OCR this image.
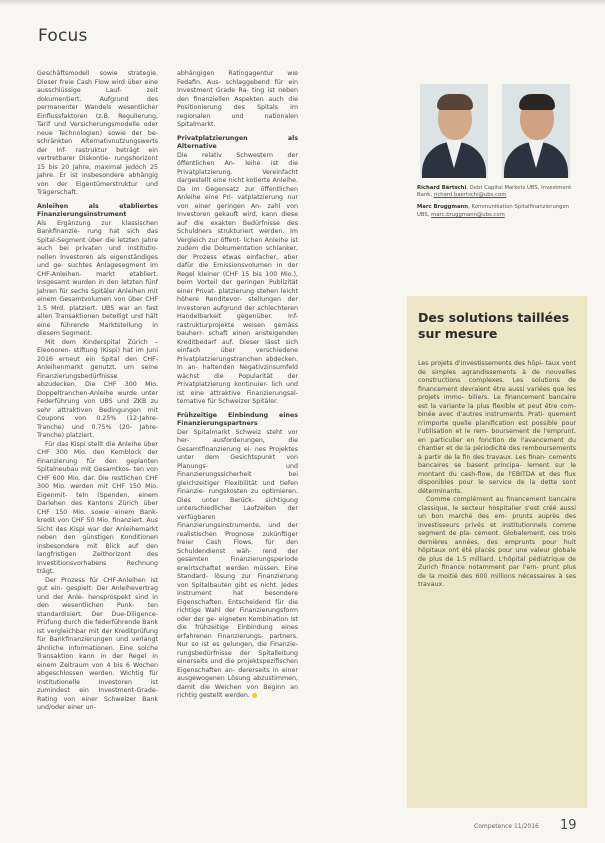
Focus

Geschäftsmodell sowie strategie. Dieser freie Cash Flow wird über eine ausschlüssige Lauf- zeit dokumentiert. Aufgrund des permanenter Wandels wesentlicher Einflussfaktoren (z.B. Regulierung, Tarif und Versicherungsmodelle oder neue Technologien) sowie der be- schränkten Alternativnutzungswerts der Inf- rastruktur beträgt ein vertretbarer Diskontie- rungshorizont 15 bis 20 Jahre, maximal jedoch 25 Jahre. Er ist insbesondere abhängig von der Eigentümerstruktur und Trägerschaft.

Anleihen als etabliertes Finanzierungsinstrument

Als Ergänzung zur klassischen Bankfinanzie- rung hat sich das Spital-Segment über die letzten Jahre auch bei privaten und institutio- nellen Investoren als eigenständiges und ge- suchtes Anlagesegment im CHF-Anleihen- markt etabliert. Insgesamt wurden in den letzten fünf Jahren für sechs Spitäler Anleihen mit einem Gesamtvolumen von über CHF 1.5 Mrd. platziert. UBS war an fast allen Transaktionen beteiligt und hält eine führende Marktstellung in diesem Segment.

Mit dem Kinderspital Zürich – Eleonoren- stiftung (Kispi) hat im Juni 2016 erneut ein Spital den CHF-Anleihenmarkt genutzt, um seine Finanzierungsbedürfnisse abzudecken. Die CHF 300 Mio. Doppeltranchen-Anleihe wurde unter Federführung von UBS und ZKB zu sehr attraktiven Bedingungen mit Coupons von 0.25% (12-Jahre-Tranche) und 0.75% (20- Jahre-Tranche) platziert.

Für das Kispi stellt die Anleihe über CHF 300 Mio. den Kernblock der Finanzierung für den geplanten Spitalneubau mit Gesamtkos- ten von CHF 600 Mio. dar. Die restlichen CHF 300 Mio. werden mit CHF 150 Mio. Eigenmit- teln (Spenden, einem Darlehen des Kantons Zürich über CHF 150 Mio. sowie einem Bank- kredit von CHF 50 Mio. finanziert. Aus Sicht des Kispi war der Anleihemarkt neben den günstigen Konditionen insbesondere mit Blick auf den langfristigen Zeithorizont des Investitionsvorhabens Rechnung trägt.

Der Prozess für CHF-Anleihen ist gut ein- gespielt: Der Anleihevertrag und der Anle- hensprospekt sind in den wesentlichen Punk- ten standardisiert. Der Due-Diligence-Prüfung durch die federführende Bank ist vergleichbar mit der Kreditprüfung für Bankfinanzierungen und verlangt ähnliche Informationen. Eine solche Transaktion kann in der Regel in einem Zeitraum von 4 bis 6 Wochen abgeschlossen werden. Wichtig für institutionelle Investoren ist zumindest ein Investment-Grade-Rating von einer Schweizer Bank und/oder einer un-

abhängigen Ratingagentur wie Fedafin. Aus- schlaggebend für ein Investment Grade Ra- ting ist neben den finanziellen Aspekten auch die Positionierung des Spitals im regionalen und nationalen Spitalmarkt.

Privatplatzierungen als Alternative

Die relativ Schwestern der öffentlichen An- leihe ist die Privatplatzierung. Vereinfacht dargestellt eine nicht kotierte Anleihe. Da im Gegensatz zur öffentlichen Anleihe eine Pri- vatplatzierung nur von einer geringen An- zahl von Investoren gekauft wird, kann diese auf die exakten Bedürfnisse des Schuldners strukturiert werden. Im Vergleich zur öffent- lichen Anleihe ist zudem die Dokumentation schlanker, der Prozess etwas einfacher, aber dafür die Emissionsvolumen in der Regel kleiner (CHF 15 bis 100 Mio.), beim Vorteil der geringen Publizität einer Privat- platzierung stehen leicht höhere Renditevor- stellungen der Investoren aufgrund der schlechteren Handelbarkeit gegenüber. Inf- rastrukturprojekte weisen gemäss bauherr- schaft einen ansteigenden Kreditbedarf auf. Dieser lässt sich einfach über verschiedene Privatplatzierungstranchen abdecken. In an- haltenden Negativzinsumfeld wächst die Popularität der Privatplatzierung kontinuier- lich und ist eine attraktive Finanzierungsal- ternative für Schweizer Spitäler.

Frühzeitige Einbindung eines Finanzierungspartners

Der Spitalmarkt Schweiz steht vor her- ausforderungen, die Gesamtfinanzierung ei- nes Projektes unter dem Gesichtspunkt von Planungs- und Finanzierungssicherheit bei gleichzeitiger Flexibilität und tiefen Finanzie- rungskosten zu optimieren. Dies unter Berück- sichtigung unterschiedlicher Laufzeiten der verfügbaren Finanzierungsinstrumente, und der realistischen Prognose zukünftiger freier Cash Flows, für den Schuldendienst wäh- rend der gesamten Finanzierungsperiode erwirtschaftet werden müssen. Eine Standard- lösung zur Finanzierung von Spitalbauten gibt es nicht. Jedes Instrument hat besondere Eigenschaften. Entscheidend für die richtige Wahl der Finanzierungsform oder der ge- eigneten Kombination ist die frühzeitige Einbindung eines erfahrenen Finanzierungs- partners. Nur so ist es gelungen, die Finanzie- rungsbedürfnisse der Spitalleitung einerseits und die projektspezifischen Eigenschaften an- dererseits in einer ausgewogenen Lösung abzustimmen, damit die Weichen von Beginn an richtig gestellt werden.

Richard Bärtschi, Debt Capital Markets UBS, Investment Bank, richard.baertschi@ubs.com

Marc Bruggmann, Kommunikation Spitalfinanzierungen UBS, marc.bruggmann@ubs.com

Des solutions taillées sur mesure

Les projets d'investissements des hôpi- taux vont de simples agrandissements à de nouvelles constructions complexes. Les solutions de financement devraient être aussi variées que les projets immo- biliers. Le financement bancaire est la variante la plus flexible et peut être com- binée avec d'autres instruments. Prati- quement n'importe quelle planification est possible pour l'utilisation et le rem- boursement de l'emprunt, en particulier en fonction de l'avancement du chantier et de la périodicité des remboursements à partir de la fin des travaux. Les finan- cements bancaires se basent principa- lement sur le montant du cash-flow, de l'EBITDA et des flux disponibles pour le service de la dette sont déterminants.

Comme complément au financement bancaire classique, le secteur hospitalier s'est créé aussi un bon marché des em- prunts auprès des investisseurs privés et institutionnels comme segment de pla- cement. Globalement, ces trois dernières années, des emprunts pour huit hôpitaux ont été placés pour une valeur globale de plus de 1.5 milliard. L'hôpital pédiatrique de Zurich finance notamment par l'em- prunt plus de la moitié des 600 millions nécessaires à ses travaux.

Competence 11/2016 19
